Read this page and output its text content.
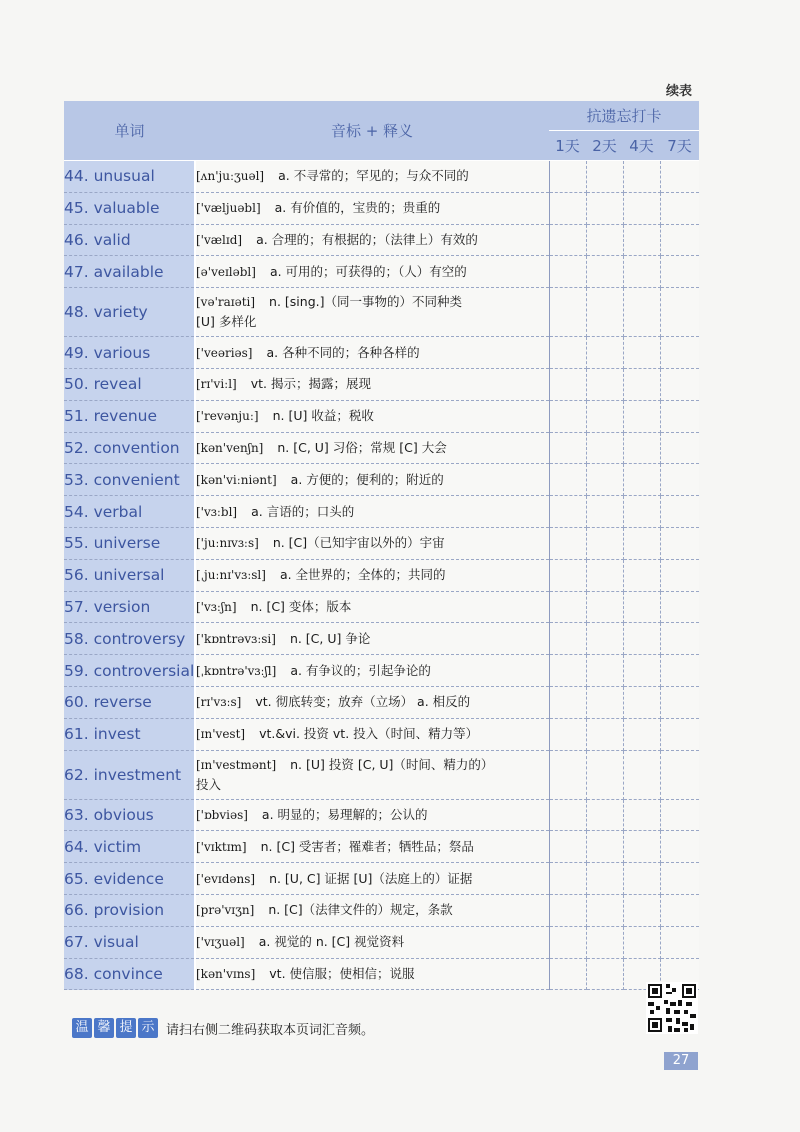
续表
单词	音标 + 释义	抗遗忘打卡			
		1天	2天	4天	7天
44. unusual	[ʌn'juːʒuəl] a. 不寻常的；罕见的；与众不同的				
45. valuable	['væljuəbl] a. 有价值的，宝贵的；贵重的				
46. valid	['vælɪd] a. 合理的；有根据的；（法律上）有效的				
47. available	[ə'veɪləbl] a. 可用的；可获得的；（人）有空的				
48. variety	[və'raɪəti] n. [sing.]（同一事物的）不同种类
[U] 多样化				
49. various	['veəriəs] a. 各种不同的；各种各样的				
50. reveal	[rɪ'viːl] vt. 揭示；揭露；展现				
51. revenue	['revənjuː] n. [U] 收益；税收				
52. convention	[kən'venʃn] n. [C, U] 习俗；常规 [C] 大会				
53. convenient	[kən'viːniənt] a. 方便的；便利的；附近的				
54. verbal	['vɜːbl] a. 言语的；口头的				
55. universe	['juːnɪvɜːs] n. [C]（已知宇宙以外的）宇宙				
56. universal	[ˌjuːnɪ'vɜːsl] a. 全世界的；全体的；共同的				
57. version	['vɜːʃn] n. [C] 变体；版本				
58. controversy	['kɒntrəvɜːsi] n. [C, U] 争论				
59. controversial	[ˌkɒntrə'vɜːʃl] a. 有争议的；引起争论的				
60. reverse	[rɪ'vɜːs] vt. 彻底转变；放弃（立场） a. 相反的				
61. invest	[ɪn'vest] vt.&vi. 投资 vt. 投入（时间、精力等）				
62. investment	[ɪn'vestmənt] n. [U] 投资 [C, U]（时间、精力的）
投入				
63. obvious	['ɒbviəs] a. 明显的；易理解的；公认的				
64. victim	['vɪktɪm] n. [C] 受害者；罹难者；牺牲品；祭品				
65. evidence	['evɪdəns] n. [U, C] 证据 [U]（法庭上的）证据				
66. provision	[prə'vɪʒn] n. [C]（法律文件的）规定，条款				
67. visual	['vɪʒuəl] a. 视觉的 n. [C] 视觉资料				
68. convince	[kən'vɪns] vt. 使信服；使相信；说服				
温 馨 提 示 请扫右侧二维码获取本页词汇音频。
27
